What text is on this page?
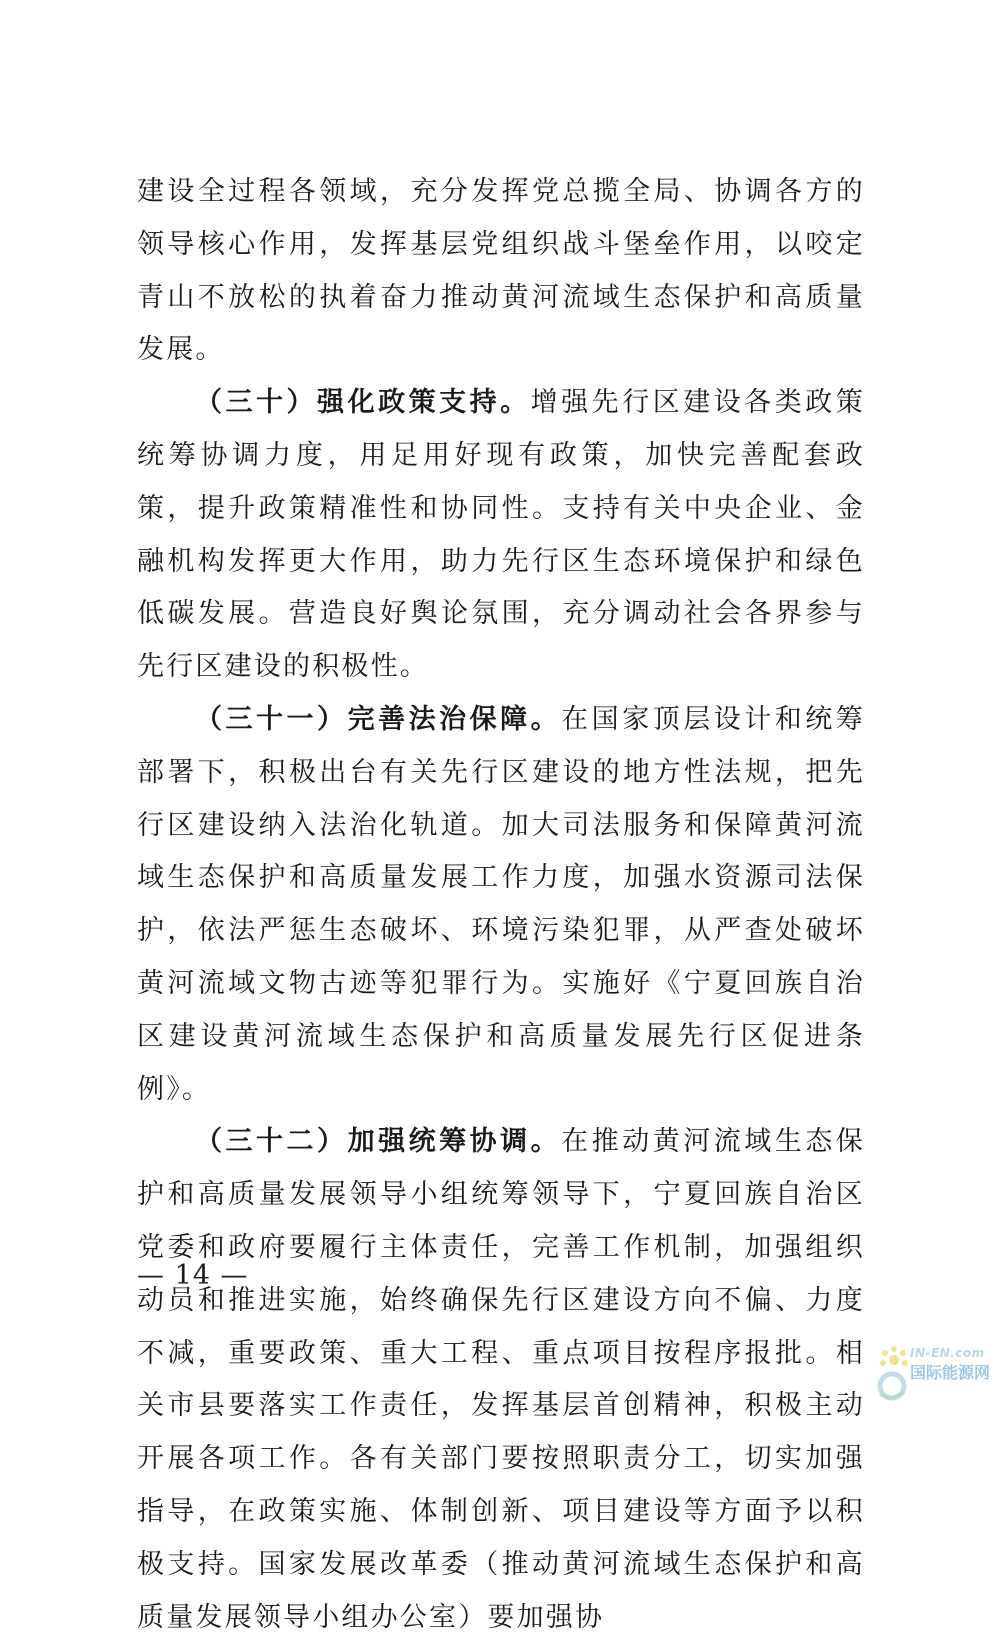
建设全过程各领域，充分发挥党总揽全局、协调各方的领导核心作用，发挥基层党组织战斗堡垒作用，以咬定青山不放松的执着奋力推动黄河流域生态保护和高质量发展。

（三十）强化政策支持。增强先行区建设各类政策统筹协调力度，用足用好现有政策，加快完善配套政策，提升政策精准性和协同性。支持有关中央企业、金融机构发挥更大作用，助力先行区生态环境保护和绿色低碳发展。营造良好舆论氛围，充分调动社会各界参与先行区建设的积极性。

（三十一）完善法治保障。在国家顶层设计和统筹部署下，积极出台有关先行区建设的地方性法规，把先行区建设纳入法治化轨道。加大司法服务和保障黄河流域生态保护和高质量发展工作力度，加强水资源司法保护，依法严惩生态破坏、环境污染犯罪，从严查处破坏黄河流域文物古迹等犯罪行为。实施好《宁夏回族自治区建设黄河流域生态保护和高质量发展先行区促进条例》。

（三十二）加强统筹协调。在推动黄河流域生态保护和高质量发展领导小组统筹领导下，宁夏回族自治区党委和政府要履行主体责任，完善工作机制，加强组织动员和推进实施，始终确保先行区建设方向不偏、力度不减，重要政策、重大工程、重点项目按程序报批。相关市县要落实工作责任，发挥基层首创精神，积极主动开展各项工作。各有关部门要按照职责分工，切实加强指导，在政策实施、体制创新、项目建设等方面予以积极支持。国家发展改革委（推动黄河流域生态保护和高质量发展领导小组办公室）要加强协

— 14 —
IN-EN.com
国际能源网
